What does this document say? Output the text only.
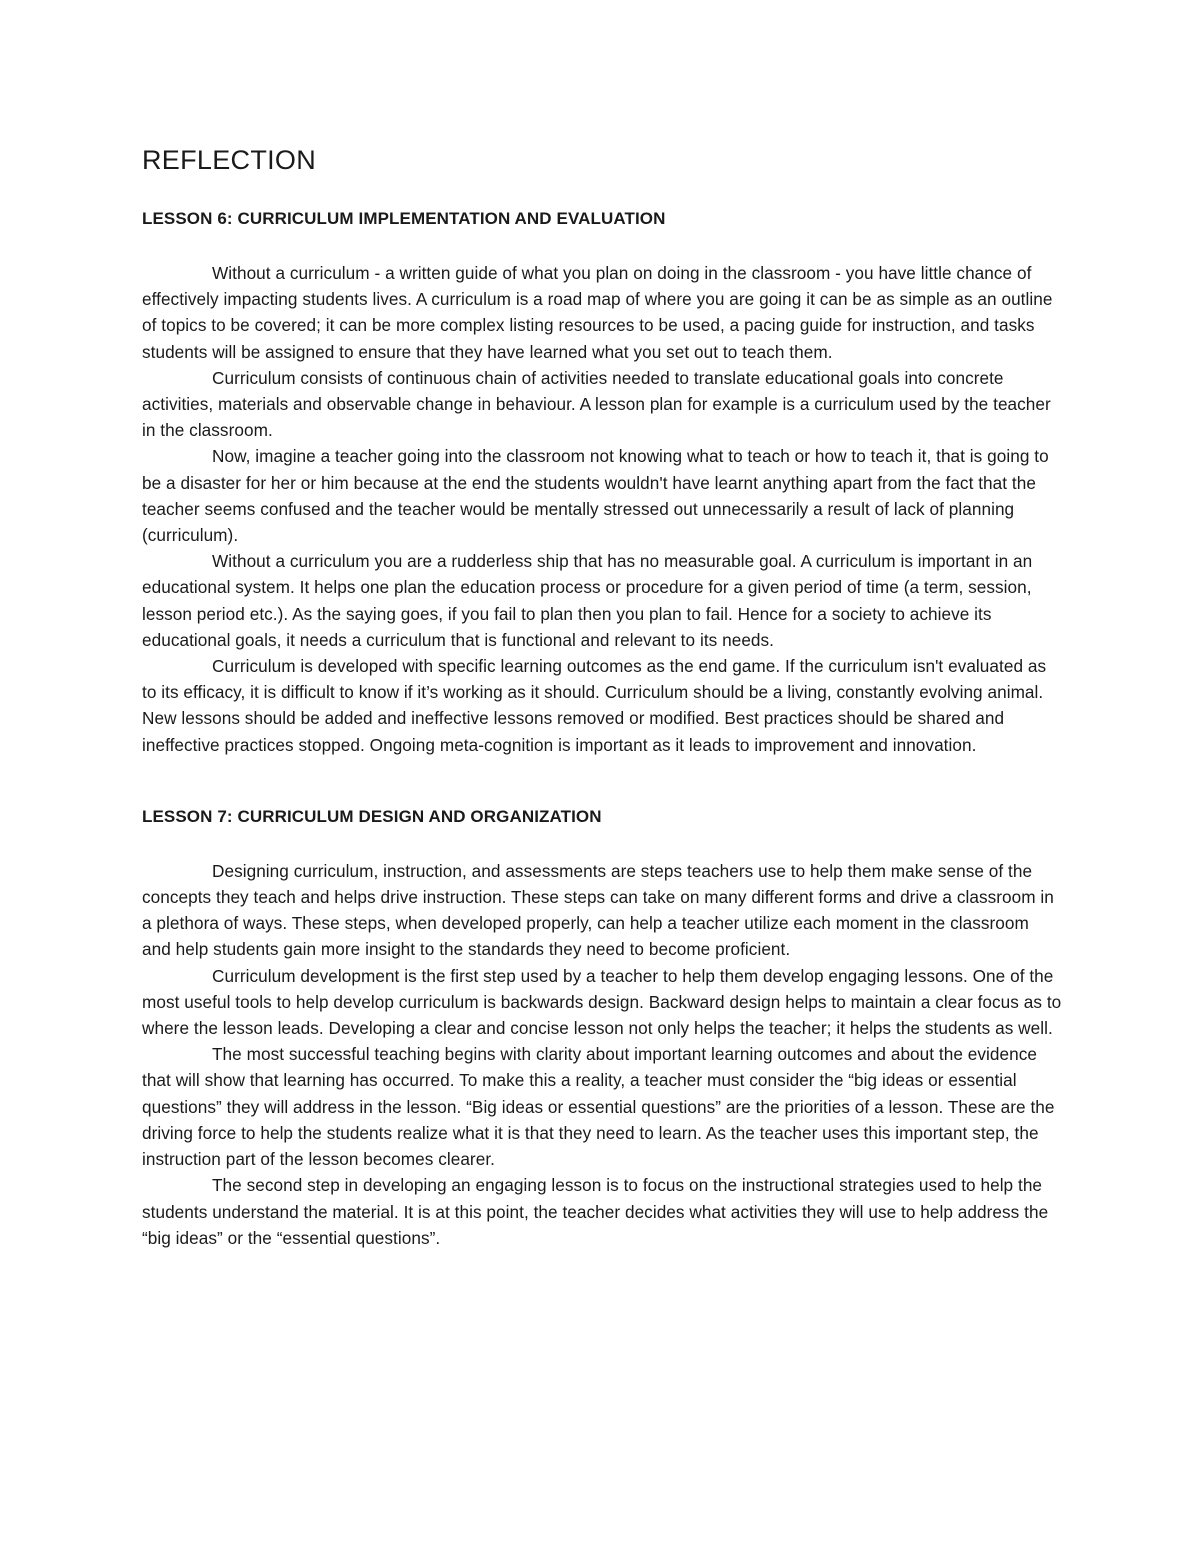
REFLECTION
LESSON 6: CURRICULUM IMPLEMENTATION AND EVALUATION

Without a curriculum - a written guide of what you plan on doing in the classroom - you have little chance of effectively impacting students lives. A curriculum is a road map of where you are going it can be as simple as an outline of topics to be covered; it can be more complex listing resources to be used, a pacing guide for instruction, and tasks students will be assigned to ensure that they have learned what you set out to teach them.

Curriculum consists of continuous chain of activities needed to translate educational goals into concrete activities, materials and observable change in behaviour. A lesson plan for example is a curriculum used by the teacher in the classroom.

Now, imagine a teacher going into the classroom not knowing what to teach or how to teach it, that is going to be a disaster for her or him because at the end the students wouldn't have learnt anything apart from the fact that the teacher seems confused and the teacher would be mentally stressed out unnecessarily a result of lack of planning (curriculum).

Without a curriculum you are a rudderless ship that has no measurable goal. A curriculum is important in an educational system. It helps one plan the education process or procedure for a given period of time (a term, session, lesson period etc.). As the saying goes, if you fail to plan then you plan to fail. Hence for a society to achieve its educational goals, it needs a curriculum that is functional and relevant to its needs.

Curriculum is developed with specific learning outcomes as the end game. If the curriculum isn't evaluated as to its efficacy, it is difficult to know if it’s working as it should. Curriculum should be a living, constantly evolving animal. New lessons should be added and ineffective lessons removed or modified. Best practices should be shared and ineffective practices stopped. Ongoing meta-cognition is important as it leads to improvement and innovation.

LESSON 7: CURRICULUM DESIGN AND ORGANIZATION

Designing curriculum, instruction, and assessments are steps teachers use to help them make sense of the concepts they teach and helps drive instruction. These steps can take on many different forms and drive a classroom in a plethora of ways. These steps, when developed properly, can help a teacher utilize each moment in the classroom and help students gain more insight to the standards they need to become proficient.

Curriculum development is the first step used by a teacher to help them develop engaging lessons. One of the most useful tools to help develop curriculum is backwards design. Backward design helps to maintain a clear focus as to where the lesson leads. Developing a clear and concise lesson not only helps the teacher; it helps the students as well.

The most successful teaching begins with clarity about important learning outcomes and about the evidence that will show that learning has occurred. To make this a reality, a teacher must consider the “big ideas or essential questions” they will address in the lesson. “Big ideas or essential questions” are the priorities of a lesson. These are the driving force to help the students realize what it is that they need to learn. As the teacher uses this important step, the instruction part of the lesson becomes clearer.

The second step in developing an engaging lesson is to focus on the instructional strategies used to help the students understand the material. It is at this point, the teacher decides what activities they will use to help address the “big ideas” or the “essential questions”.
